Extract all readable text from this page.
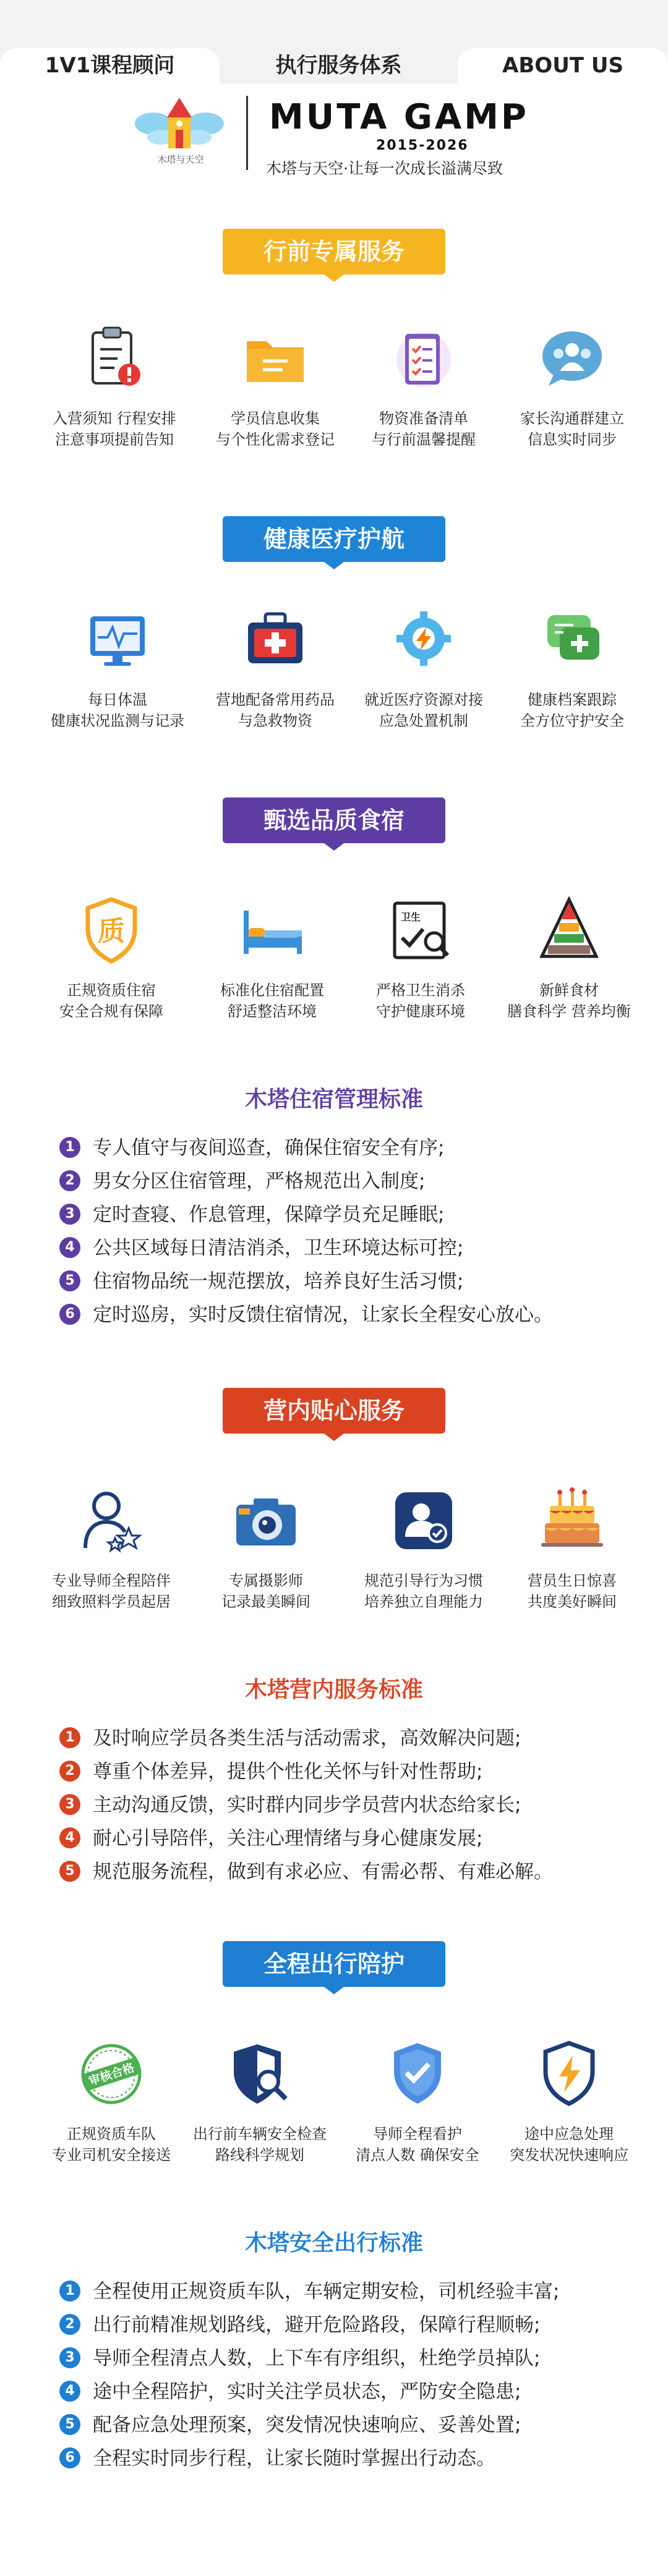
1V1课程顾问	执行服务体系	ABOUT US
木塔与天空
MUTA GAMP
2015-2026
木塔与天空·让每一次成长溢满尽致
行前专属服务
入营须知 行程安排
注意事项提前告知
学员信息收集
与个性化需求登记
物资准备清单
与行前温馨提醒
家长沟通群建立
信息实时同步
健康医疗护航
每日体温
健康状况监测与记录
营地配备常用药品
与急救物资
就近医疗资源对接
应急处置机制
健康档案跟踪
全方位守护安全
甄选品质食宿
质
正规资质住宿
安全合规有保障
标准化住宿配置
舒适整洁环境
卫生
严格卫生消杀
守护健康环境
新鲜食材
膳食科学 营养均衡
木塔住宿管理标准
1 专人值守与夜间巡查，确保住宿安全有序;
2 男女分区住宿管理，严格规范出入制度;
3 定时查寝、作息管理，保障学员充足睡眠;
4 公共区域每日清洁消杀，卫生环境达标可控;
5 住宿物品统一规范摆放，培养良好生活习惯;
6 定时巡房，实时反馈住宿情况，让家长全程安心放心。
营内贴心服务
专业导师全程陪伴
细致照料学员起居
专属摄影师
记录最美瞬间
规范引导行为习惯
培养独立自理能力
营员生日惊喜
共度美好瞬间
木塔营内服务标准
1 及时响应学员各类生活与活动需求，高效解决问题;
2 尊重个体差异，提供个性化关怀与针对性帮助;
3 主动沟通反馈，实时群内同步学员营内状态给家长;
4 耐心引导陪伴，关注心理情绪与身心健康发展;
5 规范服务流程，做到有求必应、有需必帮、有难必解。
全程出行陪护
审核合格
正规资质车队
专业司机安全接送
出行前车辆安全检查
路线科学规划
导师全程看护
清点人数 确保安全
途中应急处理
突发状况快速响应
木塔安全出行标准
1 全程使用正规资质车队，车辆定期安检，司机经验丰富;
2 出行前精准规划路线，避开危险路段，保障行程顺畅;
3 导师全程清点人数，上下车有序组织，杜绝学员掉队;
4 途中全程陪护，实时关注学员状态，严防安全隐患;
5 配备应急处理预案，突发情况快速响应、妥善处置;
6 全程实时同步行程，让家长随时掌握出行动态。
